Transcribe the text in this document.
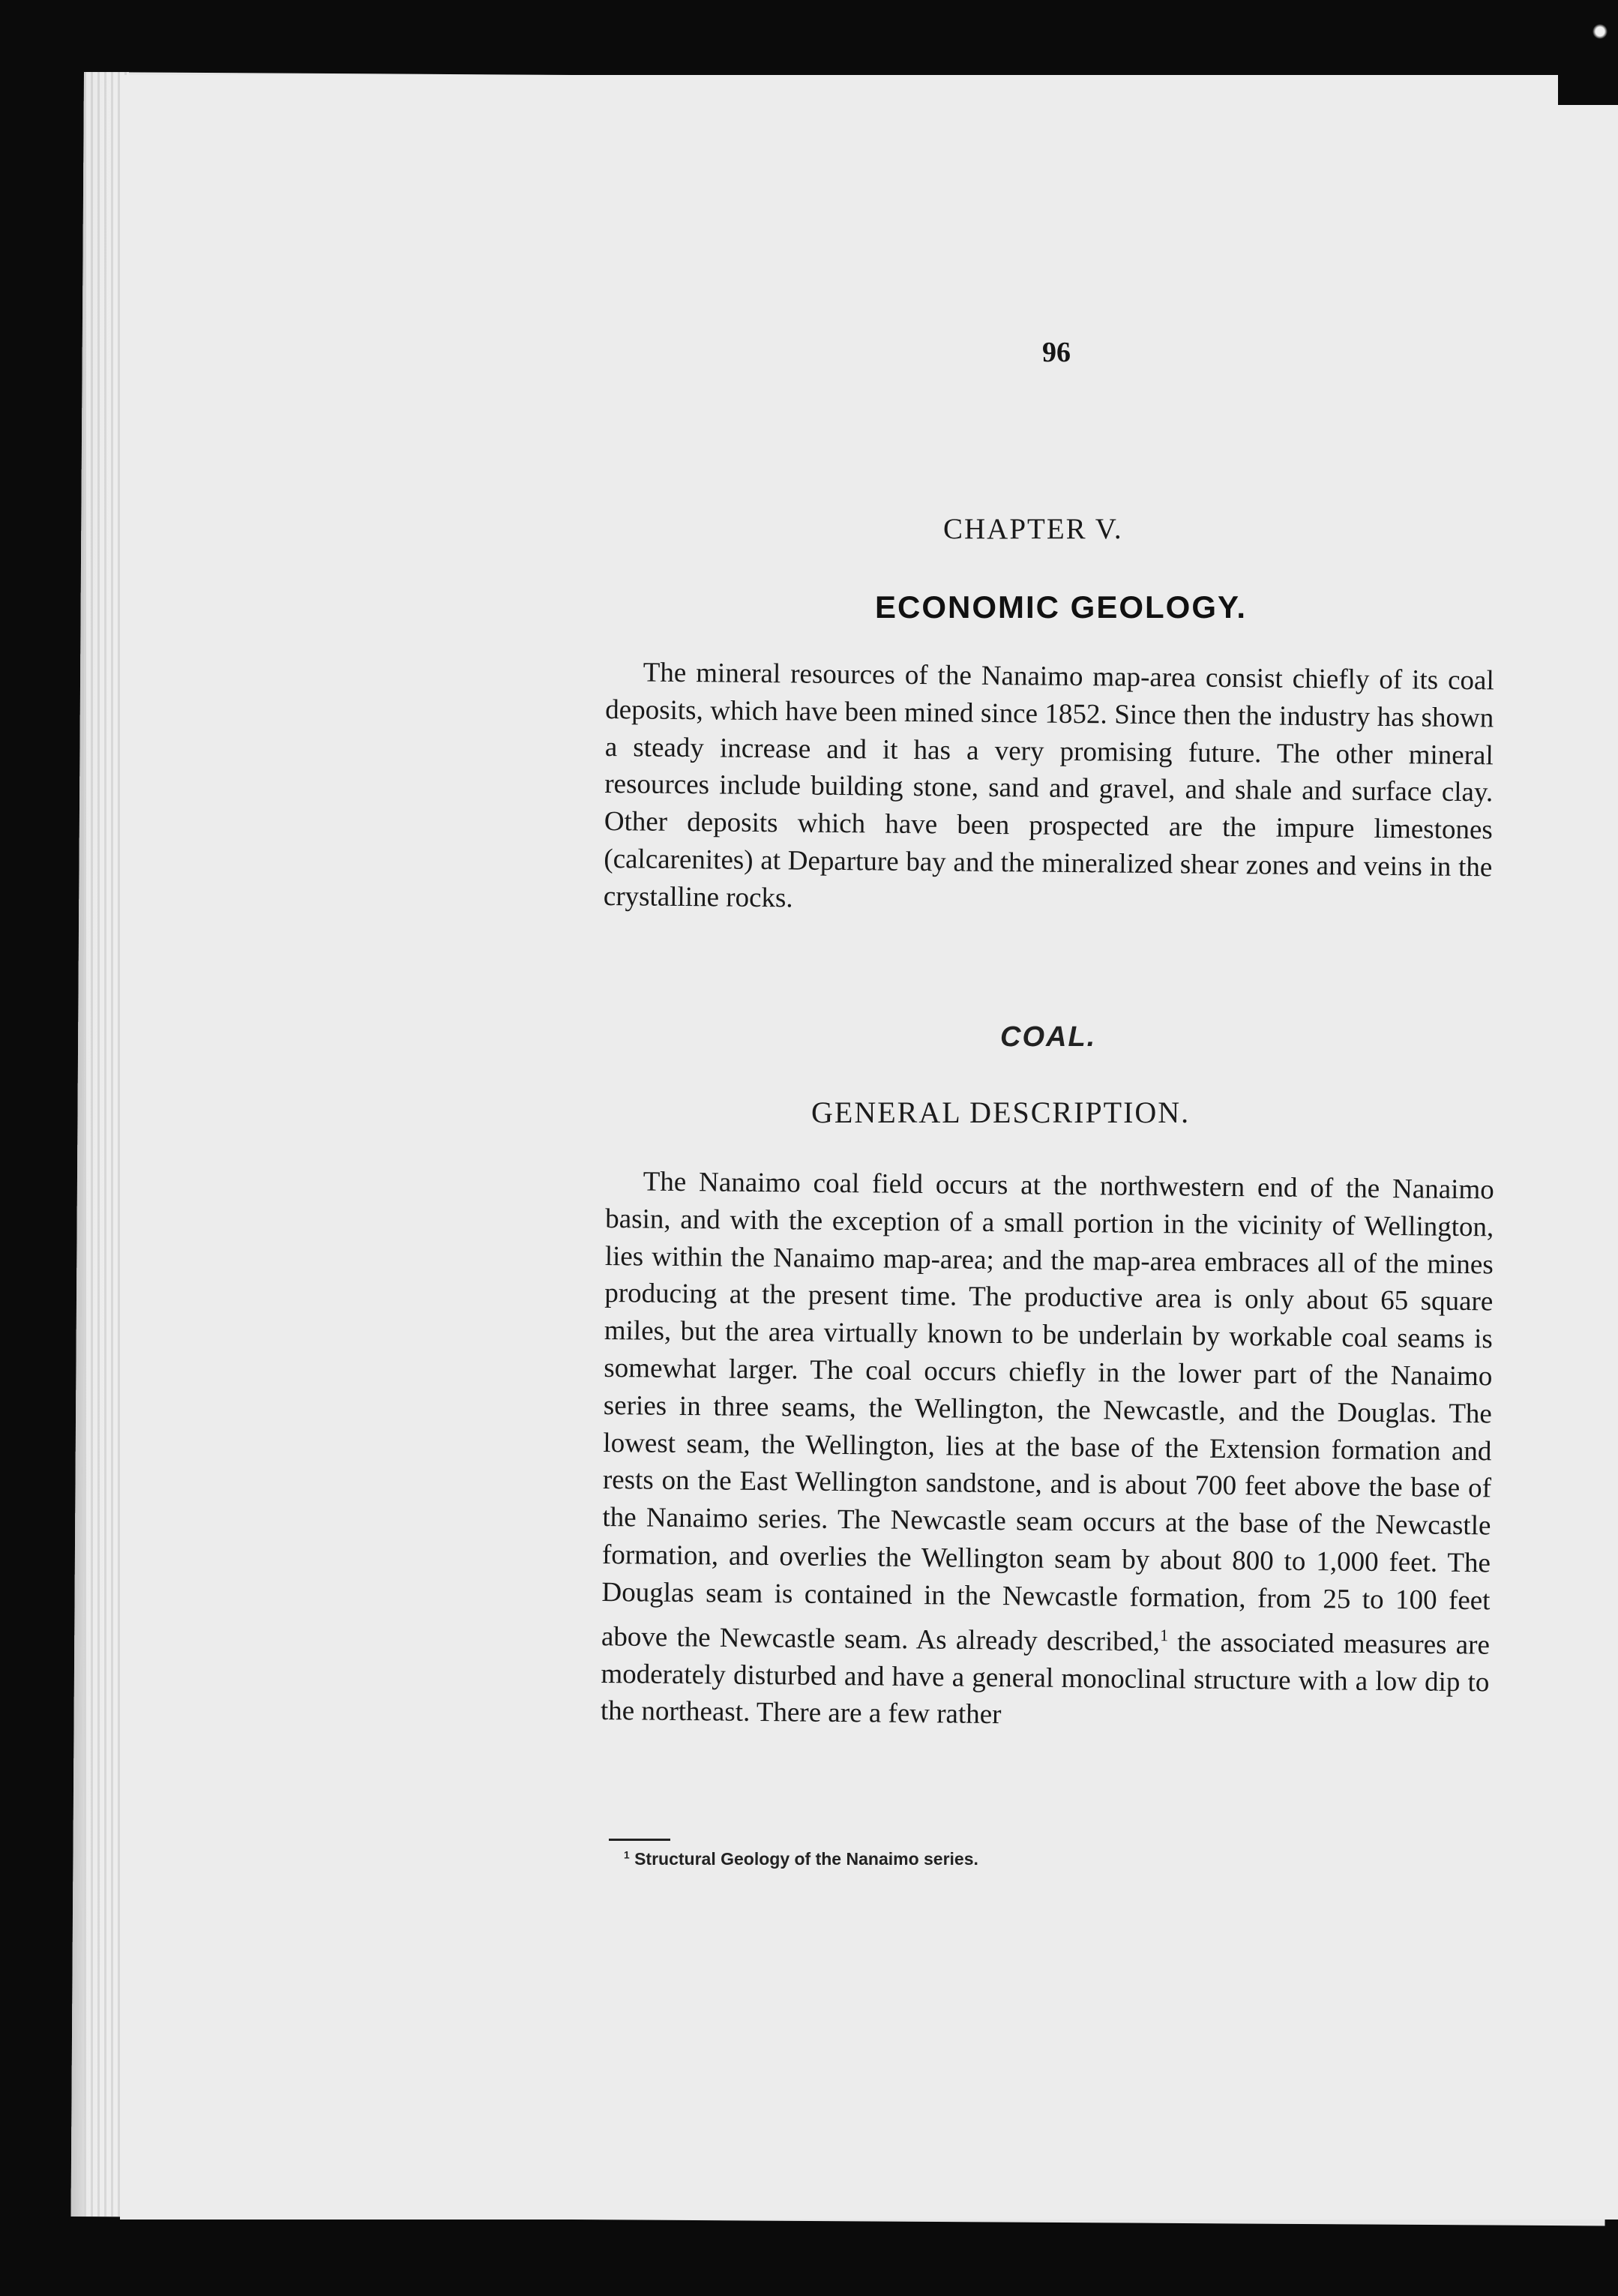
96
CHAPTER V.
ECONOMIC GEOLOGY.

The mineral resources of the Nanaimo map-area consist chiefly of its coal deposits, which have been mined since 1852. Since then the industry has shown a steady increase and it has a very promising future. The other mineral resources include building stone, sand and gravel, and shale and surface clay. Other deposits which have been prospected are the impure limestones (calcarenites) at Departure bay and the mineralized shear zones and veins in the crystalline rocks.

COAL.
GENERAL DESCRIPTION.

The Nanaimo coal field occurs at the northwestern end of the Nanaimo basin, and with the exception of a small portion in the vicinity of Wellington, lies within the Nanaimo map-area; and the map-area embraces all of the mines producing at the present time. The productive area is only about 65 square miles, but the area virtually known to be underlain by workable coal seams is somewhat larger. The coal occurs chiefly in the lower part of the Nanaimo series in three seams, the Wellington, the Newcastle, and the Douglas. The lowest seam, the Wellington, lies at the base of the Extension formation and rests on the East Wellington sandstone, and is about 700 feet above the base of the Nanaimo series. The Newcastle seam occurs at the base of the Newcastle formation, and overlies the Wellington seam by about 800 to 1,000 feet. The Douglas seam is contained in the Newcastle formation, from 25 to 100 feet above the Newcastle seam. As already described,$^1$ the associated measures are moderately disturbed and have a general monoclinal structure with a low dip to the northeast. There are a few rather

$^1$ Structural Geology of the Nanaimo series.
